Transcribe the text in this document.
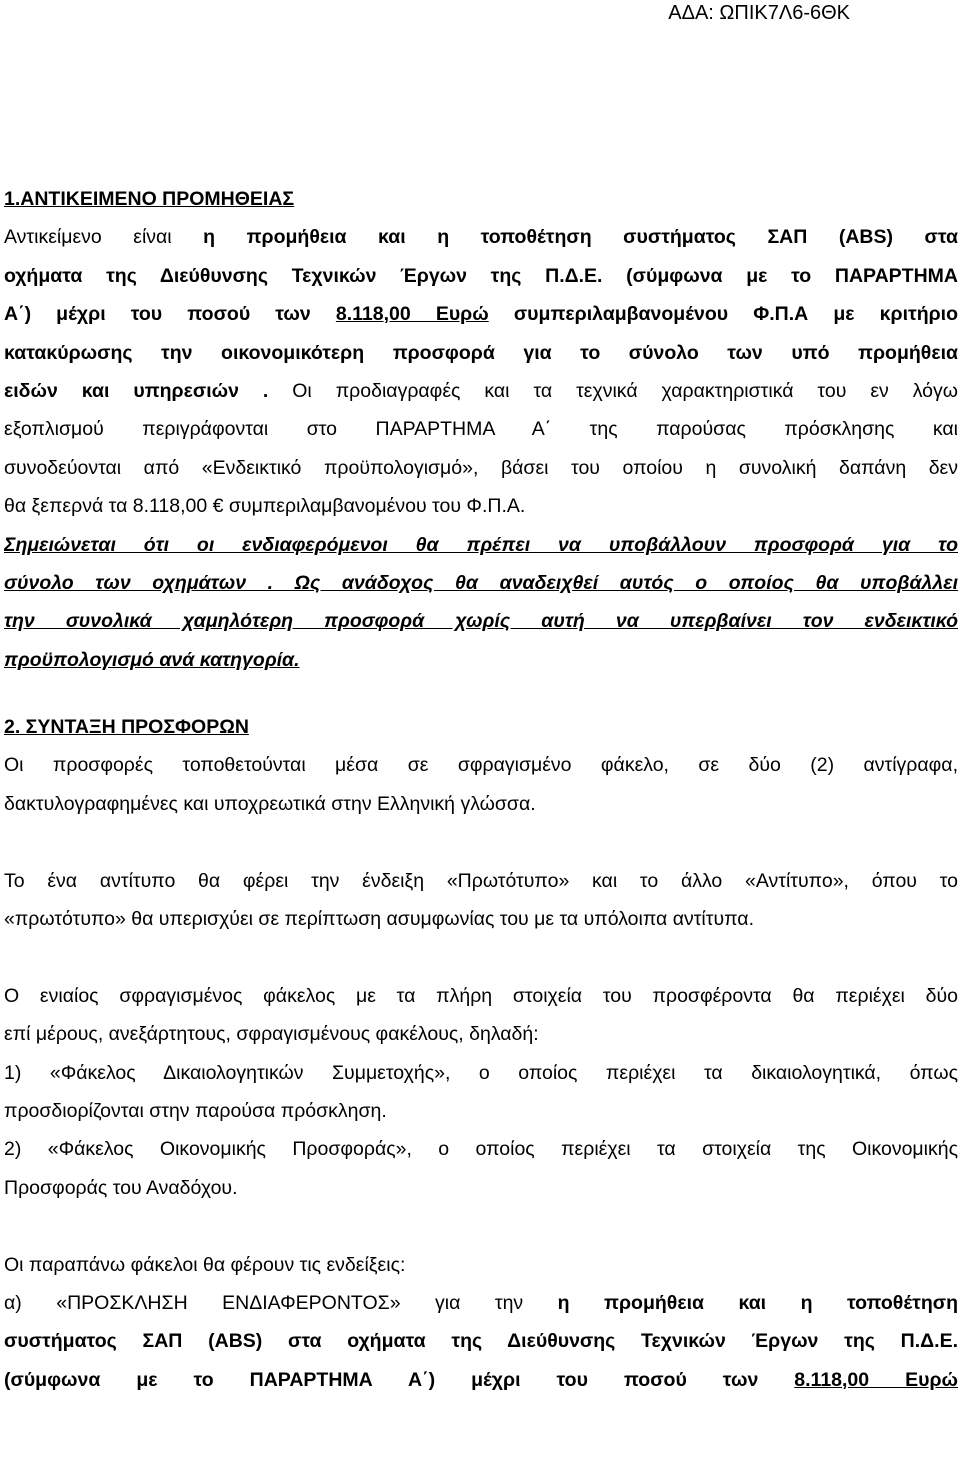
ΑΔΑ: ΩΠΙΚ7Λ6-6ΘΚ
1.ΑΝΤΙΚΕΙΜΕΝΟ ΠΡΟΜΗΘΕΙΑΣ
Αντικείμενο είναι η προμήθεια και η τοποθέτηση συστήματος ΣΑΠ (ABS) στα
οχήματα της Διεύθυνσης Τεχνικών Έργων της Π.Δ.Ε. (σύμφωνα με το ΠΑΡΑΡΤΗΜΑ
Α΄) μέχρι του ποσού των 8.118,00 Ευρώ συμπεριλαμβανομένου Φ.Π.Α με κριτήριο
κατακύρωσης την οικονομικότερη προσφορά για το σύνολο των υπό προμήθεια
ειδών και υπηρεσιών . Οι προδιαγραφές και τα τεχνικά χαρακτηριστικά του εν λόγω
εξοπλισμού περιγράφονται στο ΠΑΡΑΡΤΗΜΑ Α΄ της παρούσας πρόσκλησης και
συνοδεύονται από «Ενδεικτικό προϋπολογισμό», βάσει του οποίου η συνολική δαπάνη δεν
θα ξεπερνά τα 8.118,00 € συμπεριλαμβανομένου του Φ.Π.Α.
Σημειώνεται ότι οι ενδιαφερόμενοι θα πρέπει να υποβάλλουν προσφορά για το
σύνολο των οχημάτων . Ως ανάδοχος θα αναδειχθεί αυτός ο οποίος θα υποβάλλει
την συνολικά χαμηλότερη προσφορά χωρίς αυτή να υπερβαίνει τον ενδεικτικό
προϋπολογισμό ανά κατηγορία.
2. ΣΥΝΤΑΞΗ ΠΡΟΣΦΟΡΩΝ
Οι προσφορές τοποθετούνται μέσα σε σφραγισμένο φάκελο, σε δύο (2) αντίγραφα,
δακτυλογραφημένες και υποχρεωτικά στην Ελληνική γλώσσα.
Το ένα αντίτυπο θα φέρει την ένδειξη «Πρωτότυπο» και το άλλο «Αντίτυπο», όπου το
«πρωτότυπο» θα υπερισχύει σε περίπτωση ασυμφωνίας του με τα υπόλοιπα αντίτυπα.
Ο ενιαίος σφραγισμένος φάκελος με τα πλήρη στοιχεία του προσφέροντα θα περιέχει δύο
επί μέρους, ανεξάρτητους, σφραγισμένους φακέλους, δηλαδή:
1) «Φάκελος Δικαιολογητικών Συμμετοχής», ο οποίος περιέχει τα δικαιολογητικά, όπως
προσδιορίζονται στην παρούσα πρόσκληση.
2) «Φάκελος Οικονομικής Προσφοράς», ο οποίος περιέχει τα στοιχεία της Οικονομικής
Προσφοράς του Αναδόχου.
Οι παραπάνω φάκελοι θα φέρουν τις ενδείξεις:
α) «ΠΡΟΣΚΛΗΣΗ ΕΝΔΙΑΦΕΡΟΝΤΟΣ» για την η προμήθεια και η τοποθέτηση
συστήματος ΣΑΠ (ABS) στα οχήματα της Διεύθυνσης Τεχνικών Έργων της Π.Δ.Ε.
(σύμφωνα με το ΠΑΡΑΡΤΗΜΑ Α΄) μέχρι του ποσού των 8.118,00 Ευρώ
